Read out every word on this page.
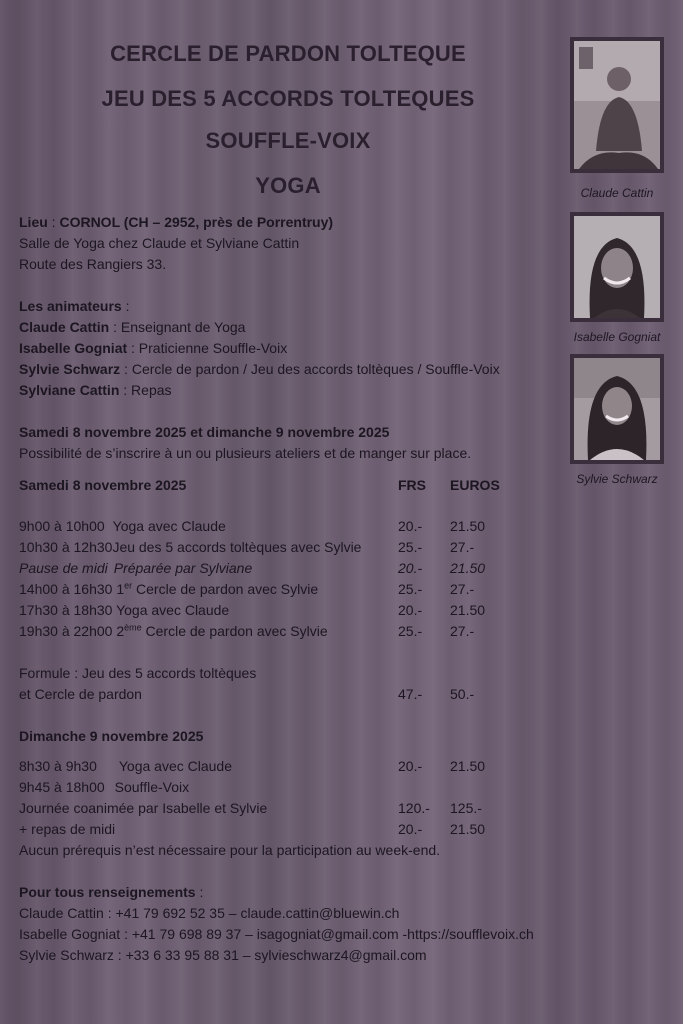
CERCLE DE PARDON TOLTEQUE
JEU DES 5 ACCORDS TOLTEQUES
SOUFFLE-VOIX
YOGA	Claude Cattin
Isabelle Gogniat
Sylvie Schwarz
Lieu : CORNOL (CH – 2952, près de Porrentruy)
Salle de Yoga chez Claude et Sylviane Cattin
Route des Rangiers 33.
Les animateurs :
Claude Cattin : Enseignant de Yoga
Isabelle Gogniat : Praticienne Souffle-Voix
Sylvie Schwarz : Cercle de pardon / Jeu des accords toltèques / Souffle-Voix
Sylviane Cattin : Repas
Samedi 8 novembre 2025 et dimanche 9 novembre 2025
Possibilité de s’inscrire à un ou plusieurs ateliers et de manger sur place.
Samedi 8 novembre 2025	FRS EUROS
9h00 à 10h00 Yoga avec Claude	20.- 21.50
10h30 à 12h30Jeu des 5 accords toltèques avec Sylvie	25.- 27.-
Pause de midi Préparée par Sylviane	20.- 21.50
14h00 à 16h30 1er Cercle de pardon avec Sylvie	25.- 27.-
17h30 à 18h30 Yoga avec Claude	20.- 21.50
19h30 à 22h00 2ème Cercle de pardon avec Sylvie	25.- 27.-
Formule : Jeu des 5 accords toltèques
et Cercle de pardon	47.- 50.-
Dimanche 9 novembre 2025
8h30 à 9h30 Yoga avec Claude	20.- 21.50
9h45 à 18h00 Souffle-Voix
Journée coanimée par Isabelle et Sylvie	120.- 125.-
+ repas de midi	20.- 21.50
Aucun prérequis n’est nécessaire pour la participation au week-end.
Pour tous renseignements :
Claude Cattin : +41 79 692 52 35 – claude.cattin@bluewin.ch
Isabelle Gogniat : +41 79 698 89 37 – isagogniat@gmail.com -https://soufflevoix.ch
Sylvie Schwarz : +33 6 33 95 88 31 – sylvieschwarz4@gmail.com
